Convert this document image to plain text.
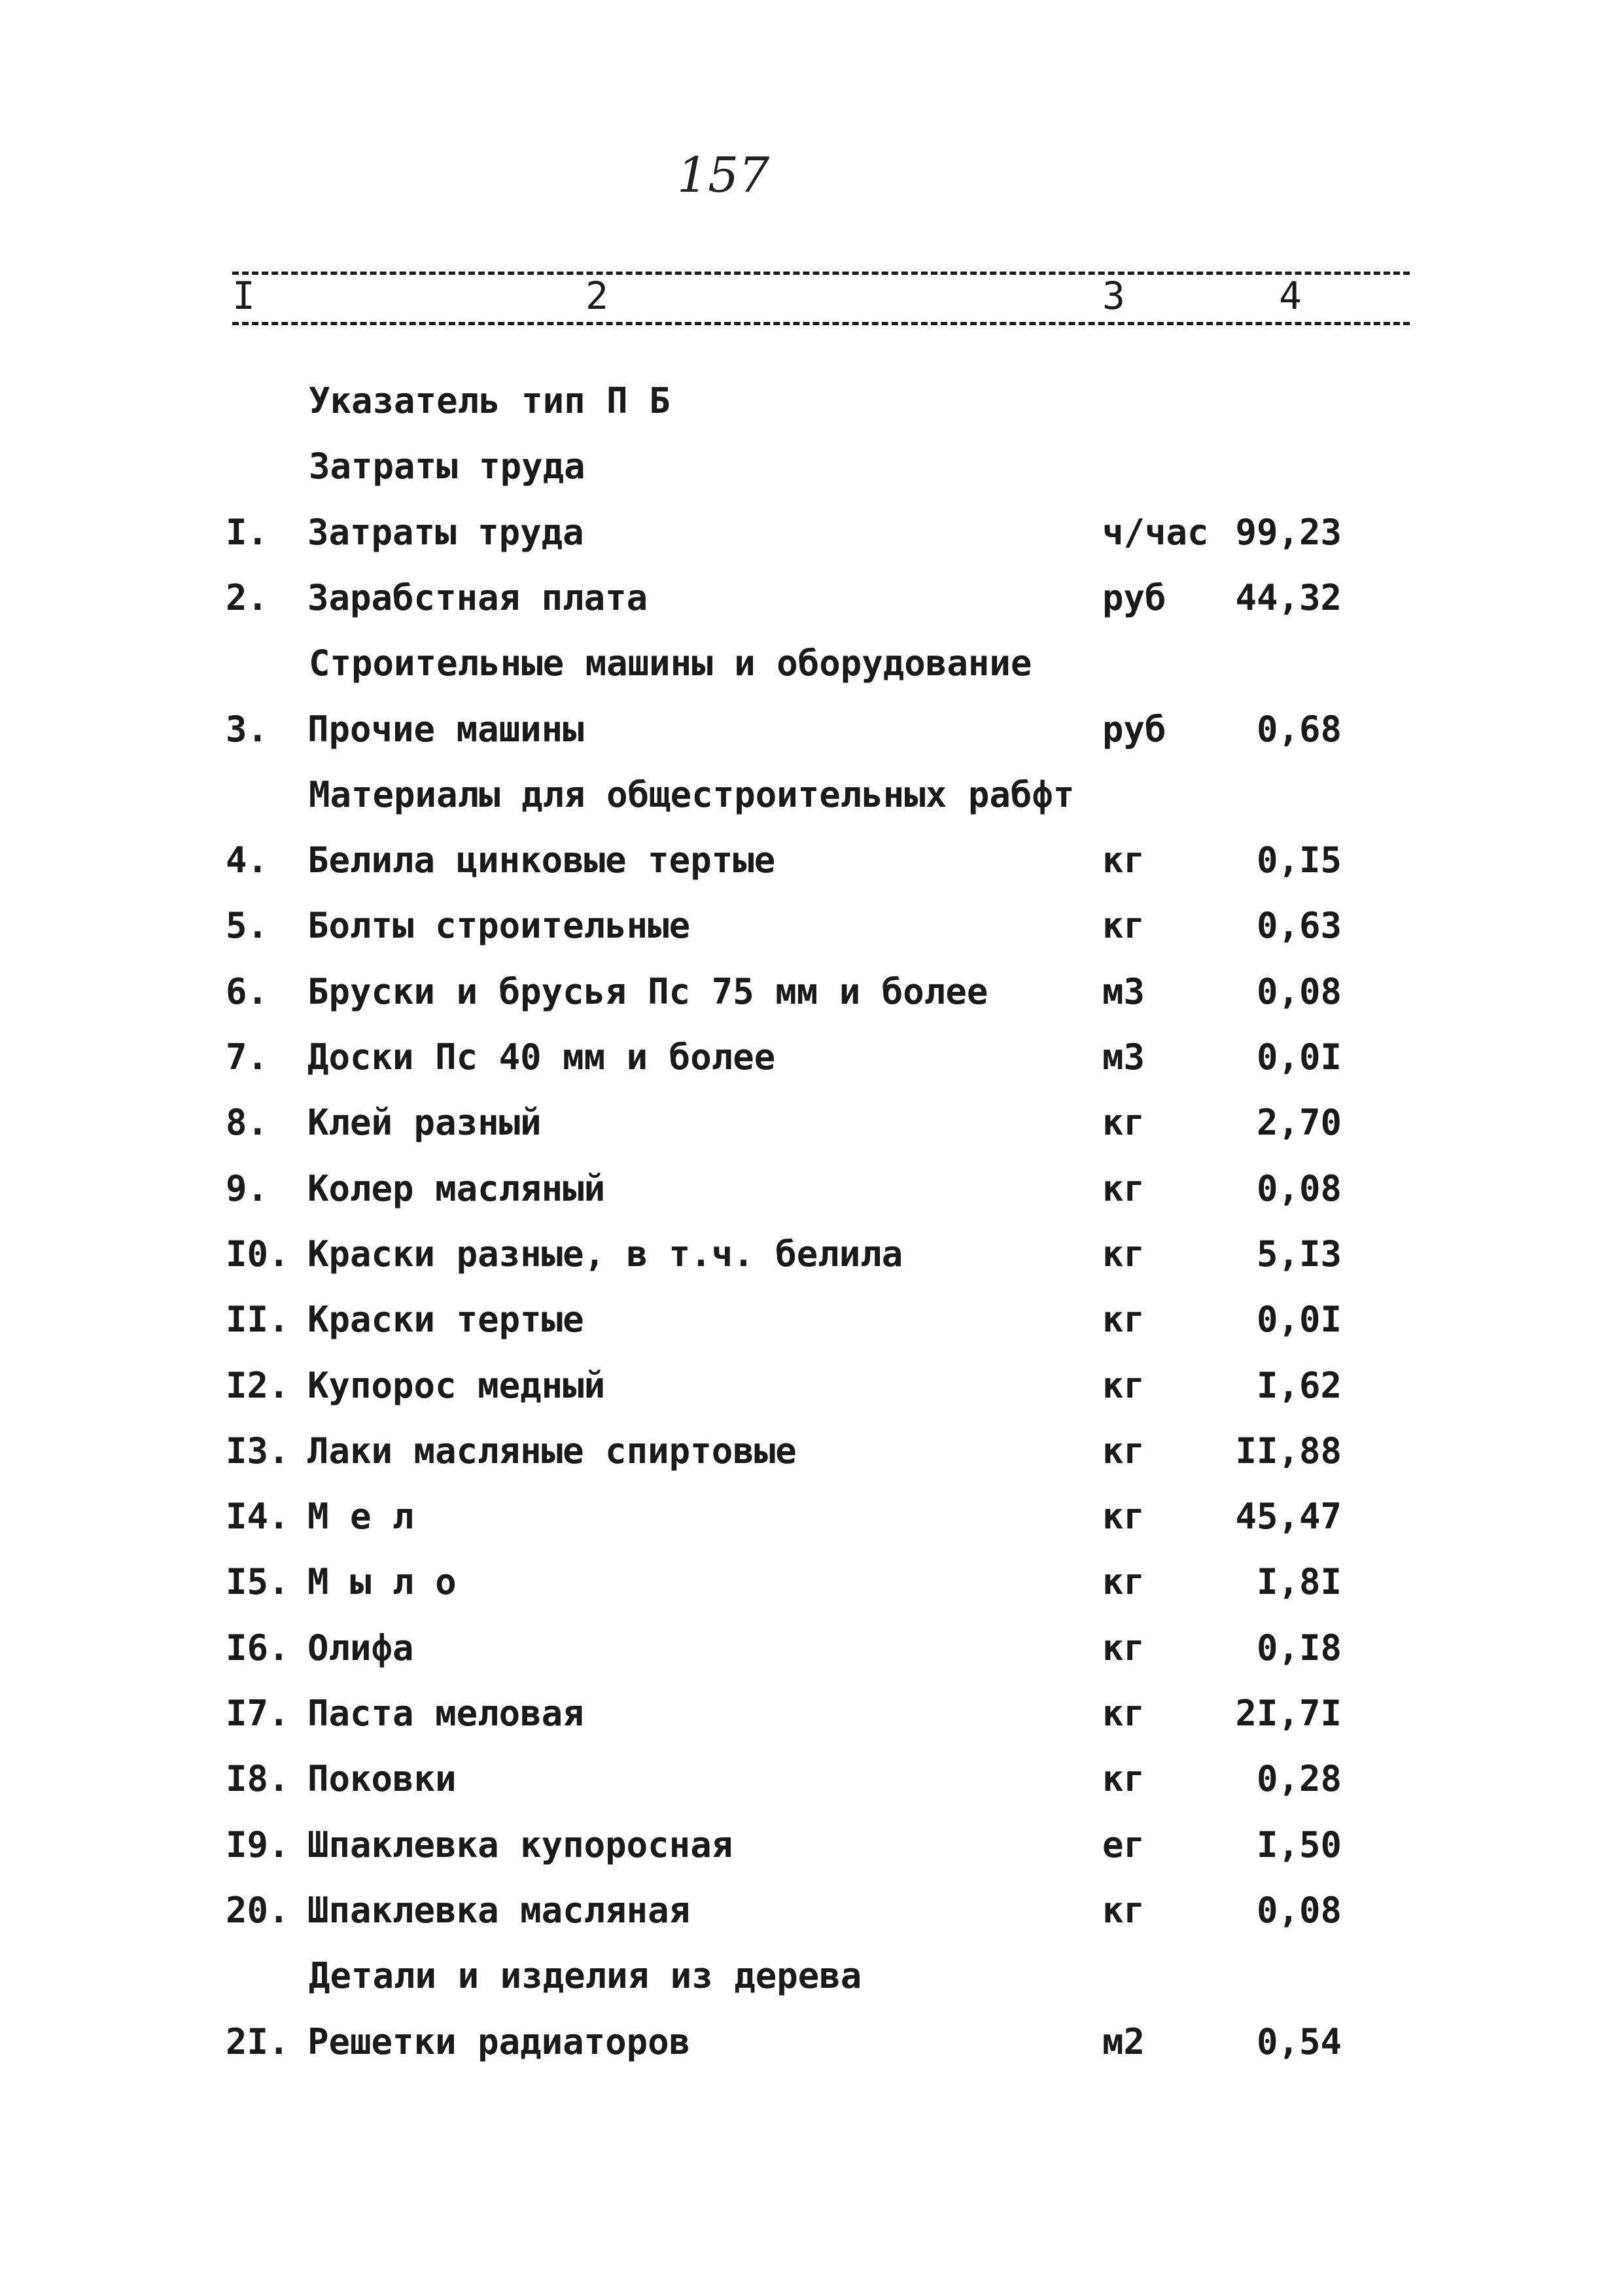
157
I	2	3	4
Указатель тип П Б
Затраты труда
I. Затраты труда	ч/час 99,23
2. Зарабстная плата	руб 44,32
Строительные машины и оборудование
3. Прочие машины	руб	0,68
Материалы для общестроительных рабфт
4. Белила цинковые тертые	кг	0,I5
5. Болты строительные	кг	0,63
6. Бруски и брусья Пс 75 мм и более	м3	0,08
7. Доски Пс 40 мм и более	м3	0,0I
8. Клей разный	кг	2,70
9. Колер масляный	кг	0,08
I0. Краски разные, в т.ч. белила	кг	5,I3
II. Краски тертые	кг	0,0I
I2. Купорос медный	кг	I,62
I3. Лаки масляные спиртовые	кг	II,88
I4. М е л	кг	45,47
I5. М ы л о	кг	I,8I
I6. Олифа	кг	0,I8
I7. Паста меловая	кг	2I,7I
I8. Поковки	кг	0,28
I9. Шпаклевка купоросная	ег	I,50
20. Шпаклевка масляная	кг	0,08
Детали и изделия из дерева
2I. Решетки радиаторов	м2	0,54
